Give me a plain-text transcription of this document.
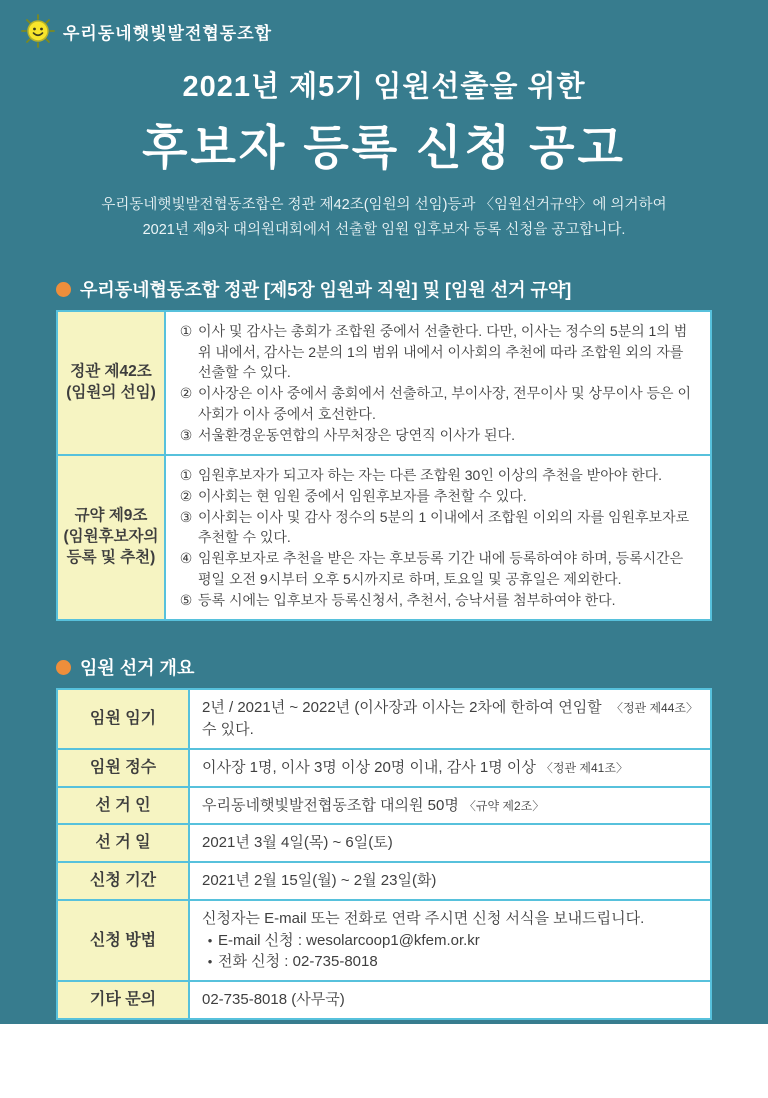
우리동네햇빛발전협동조합
2021년 제5기 임원선출을 위한
후보자 등록 신청 공고
우리동네햇빛발전협동조합은 정관 제42조(임원의 선임)등과 〈임원선거규약〉에 의거하여
2021년 제9차 대의원대회에서 선출할 임원 입후보자 등록 신청을 공고합니다.
우리동네협동조합 정관 [제5장 임원과 직원] 및 [임원 선거 규약]
정관 제42조
(임원의 선임)

① 이사 및 감사는 총회가 조합원 중에서 선출한다. 다만, 이사는 정수의 5분의 1의 범위 내에서, 감사는 2분의 1의 범위 내에서 이사회의 추천에 따라 조합원 외의 자를 선출할 수 있다.
② 이사장은 이사 중에서 총회에서 선출하고, 부이사장, 전무이사 및 상무이사 등은 이사회가 이사 중에서 호선한다.
③ 서울환경운동연합의 사무처장은 당연직 이사가 된다.

규약 제9조
(임원후보자의
등록 및 추천)

① 임원후보자가 되고자 하는 자는 다른 조합원 30인 이상의 추천을 받아야 한다.
② 이사회는 현 임원 중에서 임원후보자를 추천할 수 있다.
③ 이사회는 이사 및 감사 정수의 5분의 1 이내에서 조합원 이외의 자를 임원후보자로 추천할 수 있다.
④ 임원후보자로 추천을 받은 자는 후보등록 기간 내에 등록하여야 하며, 등록시간은 평일 오전 9시부터 오후 5시까지로 하며, 토요일 및 공휴일은 제외한다.
⑤ 등록 시에는 입후보자 등록신청서, 추천서, 승낙서를 첨부하여야 한다.
임원 선거 개요
임원 임기	2년 / 2021년 ~ 2022년 (이사장과 이사는 2차에 한하여 연임할 수 있다.
〈정관 제44조〉

임원 정수	이사장 1명, 이사 3명 이상 20명 이내, 감사 1명 이상 〈정관 제41조〉

선 거 인	우리동네햇빛발전협동조합 대의원 50명 〈규약 제2조〉

선 거 일	2021년 3월 4일(목) ~ 6일(토)

신청 기간	2021년 2월 15일(월) ~ 2월 23일(화)

신청 방법	신청자는 E-mail 또는 전화로 연락 주시면 신청 서식을 보내드립니다.
• E-mail 신청 : wesolarcoop1@kfem.or.kr
• 전화 신청 : 02-735-8018

기타 문의	02-735-8018 (사무국)
2021년 2월 15일
우리동네햇빛발전협동조합 대의원대회 의장 최 영 식 (직인생략)
